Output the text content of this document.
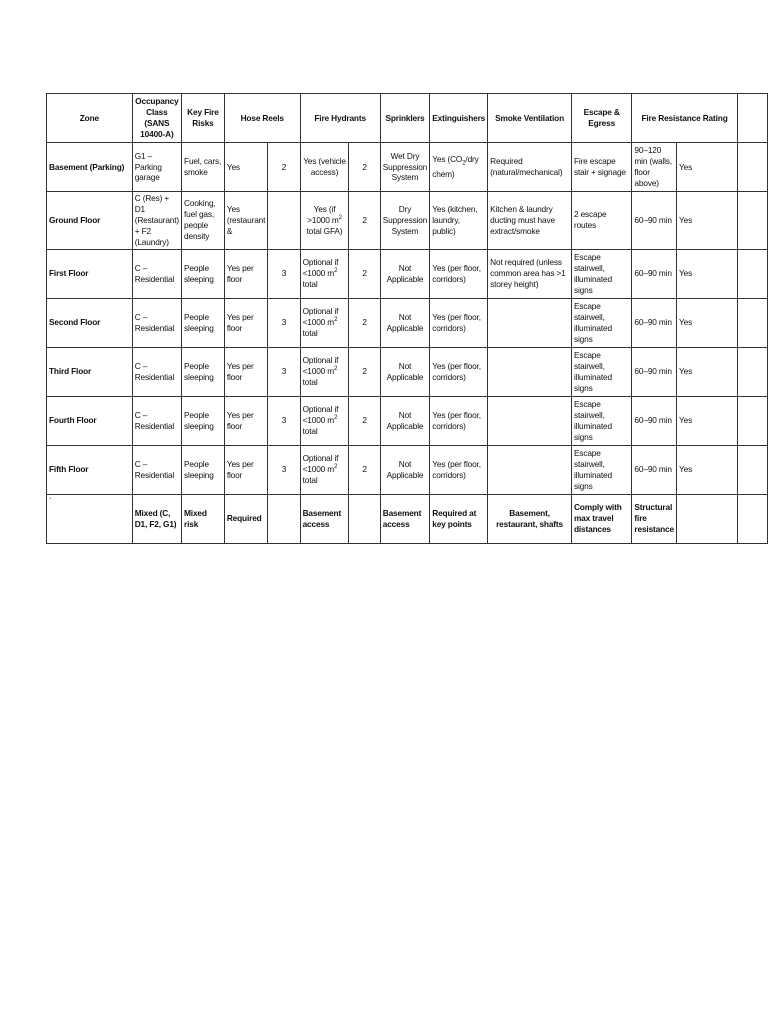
Zone	Occupancy Class (SANS 10400-A)	Key Fire Risks	Hose Reels		Fire Hydrants		Sprinklers	Extinguishers	Smoke Ventilation	Escape & Egress	Fire Resistance Rating		
Basement (Parking)	G1 – Parking garage	Fuel, cars, smoke	Yes	2	Yes (vehicle access)	2	Wet Dry Suppression System	Yes ($CO_2$/dry chem)	Required (natural/mechanical)	Fire escape stair + signage	90–120 min (walls, floor above)	Yes	
Ground Floor	C (Res) + D1 (Restaurant) + F2 (Laundry)	Cooking, fuel gas, people density	Yes (restaurant &		Yes (if >1000 $m^2$ total GFA)	2	Dry Suppression System	Yes (kitchen, laundry, public)	Kitchen & laundry ducting must have extract/smoke	2 escape routes	60–90 min	Yes	
First Floor	C – Residential	People sleeping	Yes per floor	3	Optional if <1000 $m^2$ total	2	Not Applicable	Yes (per floor, corridors)	Not required (unless common area has >1 storey height)	Escape stairwell, illuminated signs	60–90 min	Yes	
Second Floor	C – Residential	People sleeping	Yes per floor	3	Optional if <1000 $m^2$ total	2	Not Applicable	Yes (per floor, corridors)		Escape stairwell, illuminated signs	60–90 min	Yes	
Third Floor	C – Residential	People sleeping	Yes per floor	3	Optional if <1000 $m^2$ total	2	Not Applicable	Yes (per floor, corridors)		Escape stairwell, illuminated signs	60–90 min	Yes	
Fourth Floor	C – Residential	People sleeping	Yes per floor	3	Optional if <1000 $m^2$ total	2	Not Applicable	Yes (per floor, corridors)		Escape stairwell, illuminated signs	60–90 min	Yes	
Fifth Floor	C – Residential	People sleeping	Yes per floor	3	Optional if <1000 $m^2$ total	2	Not Applicable	Yes (per floor, corridors)		Escape stairwell, illuminated signs	60–90 min	Yes	
`	Mixed (C, D1, F2, G1)	Mixed risk	Required		Basement access		Basement access	Required at key points	Basement, restaurant, shafts	Comply with max travel distances	Structural fire resistance		
